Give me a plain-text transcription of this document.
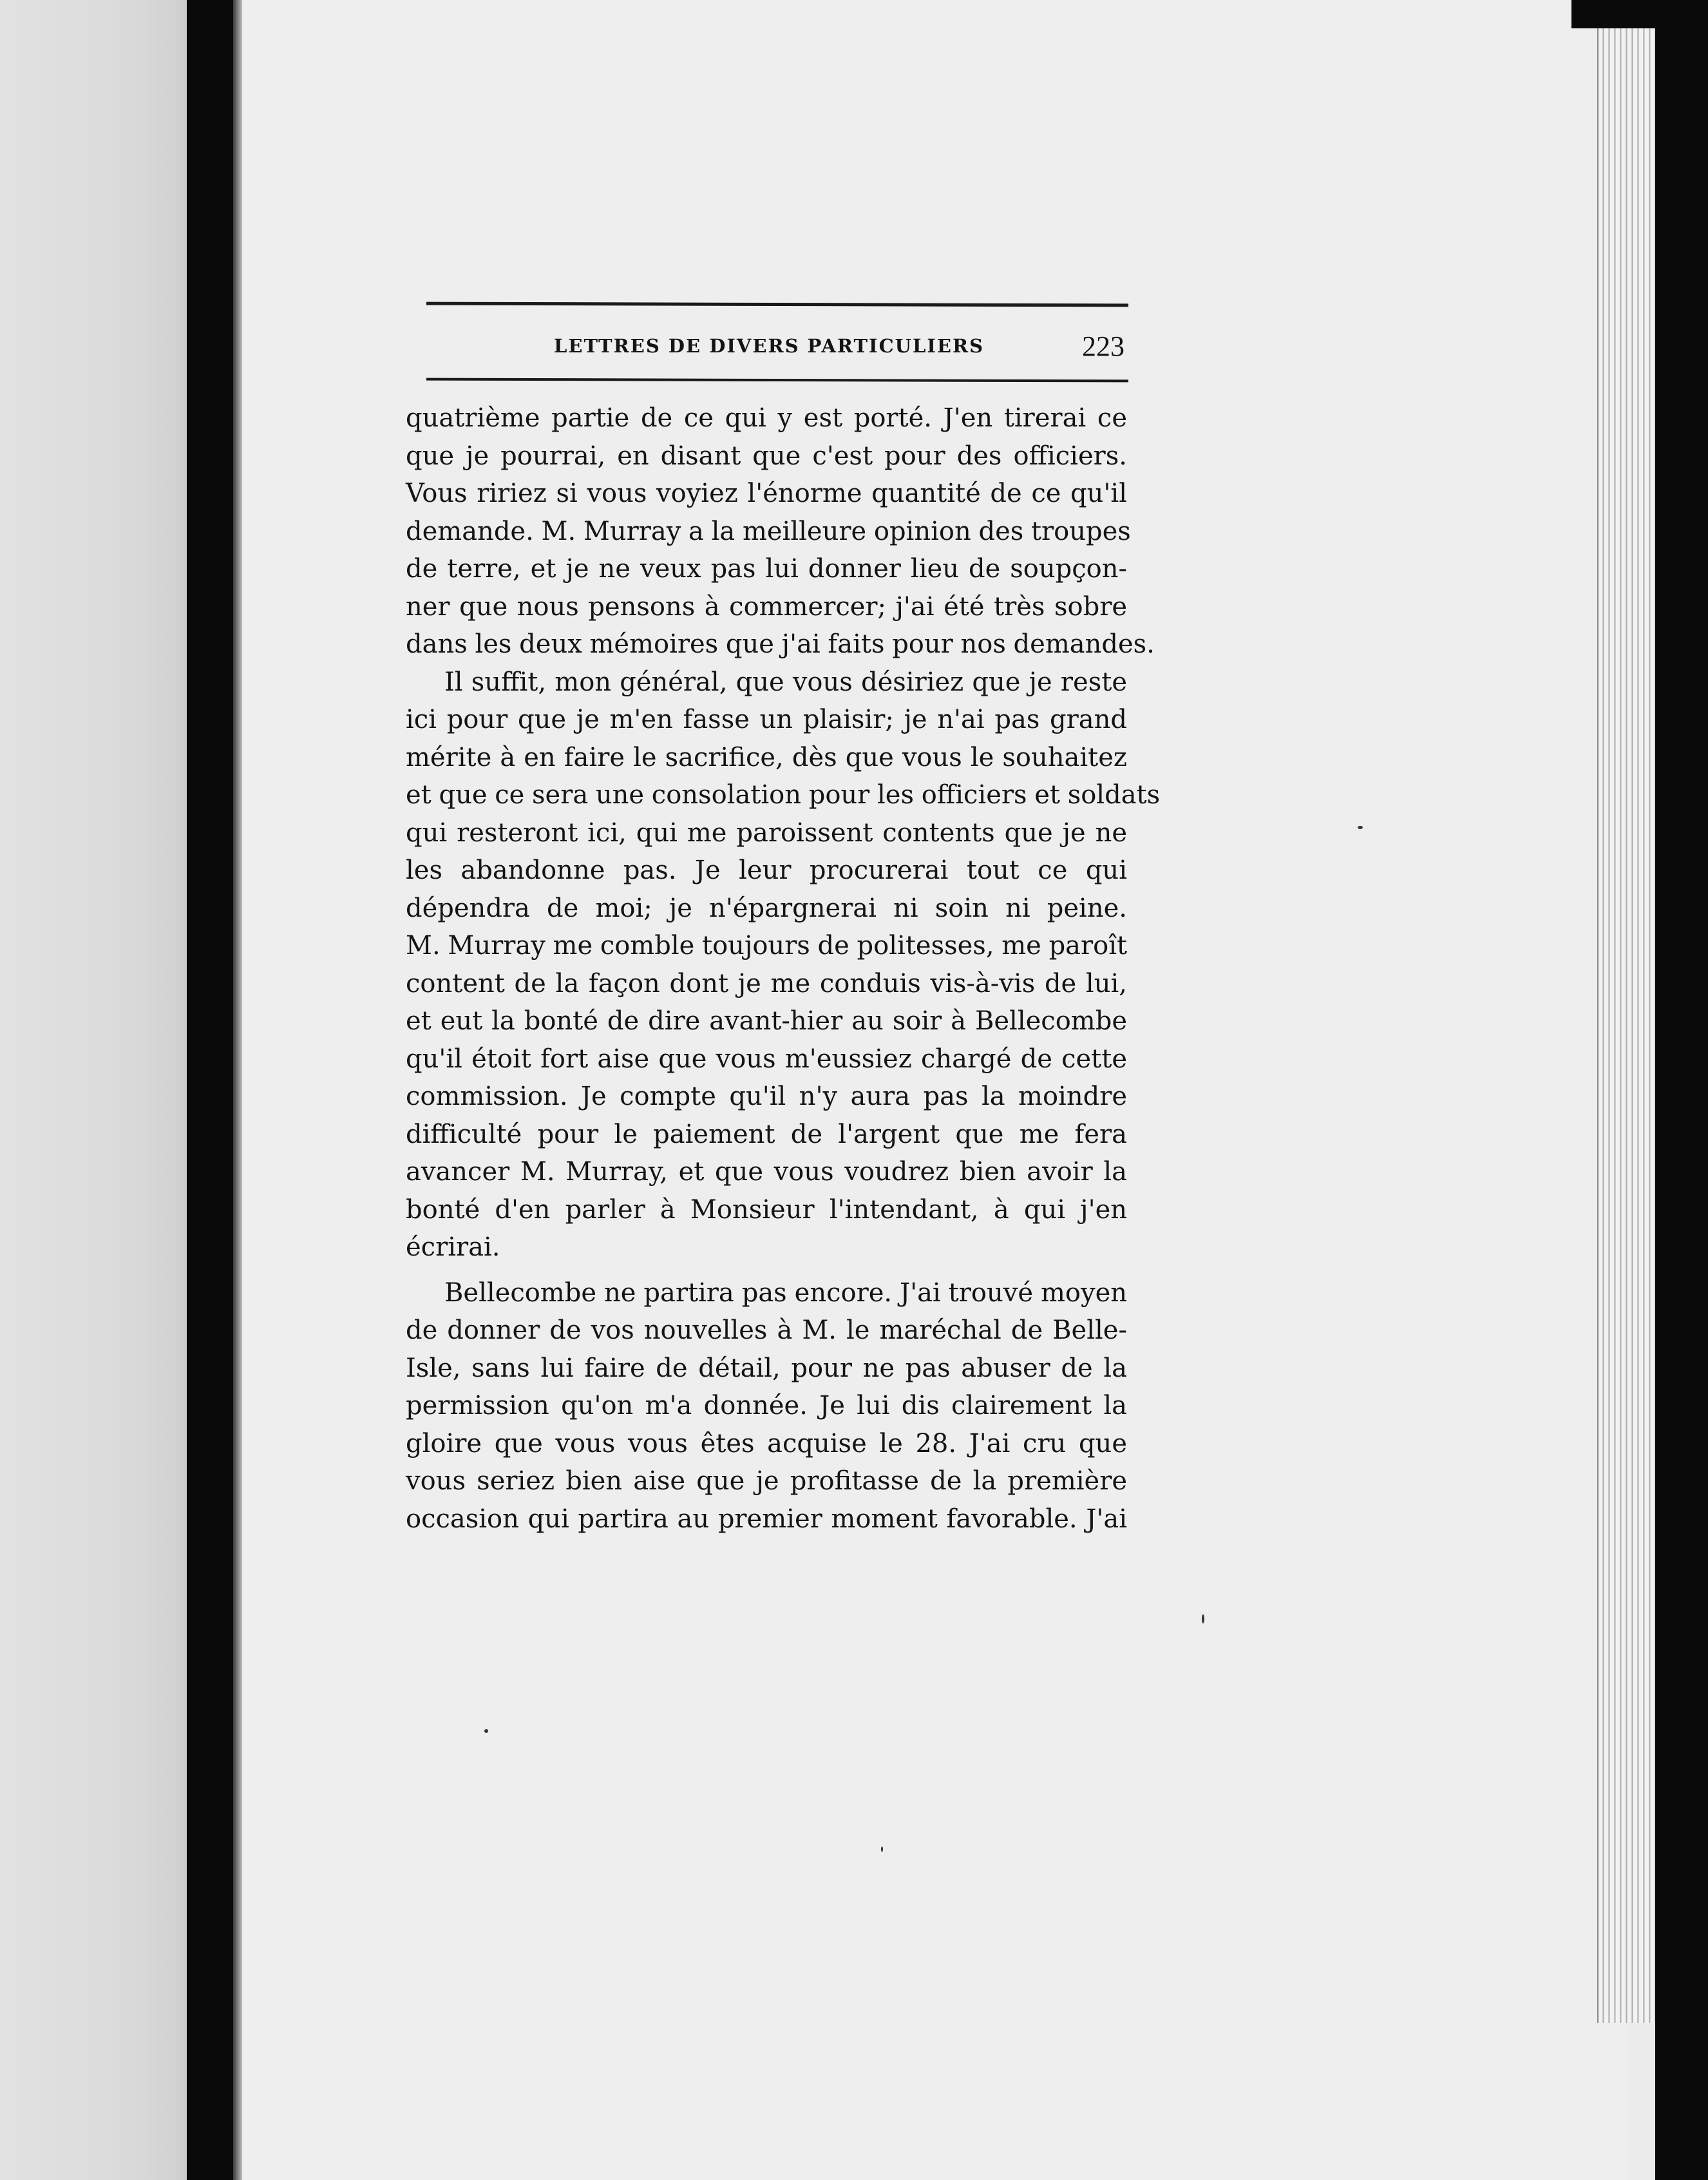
LETTRES DE DIVERS PARTICULIERS	223
quatrième partie de ce qui y est porté. J'en tirerai ce
que je pourrai, en disant que c'est pour des officiers.
Vous ririez si vous voyiez l'énorme quantité de ce qu'il
demande. M. Murray a la meilleure opinion des troupes
de terre, et je ne veux pas lui donner lieu de soupçon-
ner que nous pensons à commercer; j'ai été très sobre
dans les deux mémoires que j'ai faits pour nos demandes.
Il suffit, mon général, que vous désiriez que je reste
ici pour que je m'en fasse un plaisir; je n'ai pas grand
mérite à en faire le sacrifice, dès que vous le souhaitez
et que ce sera une consolation pour les officiers et soldats
qui resteront ici, qui me paroissent contents que je ne
les abandonne pas. Je leur procurerai tout ce qui
dépendra de moi; je n'épargnerai ni soin ni peine.
M. Murray me comble toujours de politesses, me paroît
content de la façon dont je me conduis vis-à-vis de lui,
et eut la bonté de dire avant-hier au soir à Bellecombe
qu'il étoit fort aise que vous m'eussiez chargé de cette
commission. Je compte qu'il n'y aura pas la moindre
difficulté pour le paiement de l'argent que me fera
avancer M. Murray, et que vous voudrez bien avoir la
bonté d'en parler à Monsieur l'intendant, à qui j'en
écrirai.
Bellecombe ne partira pas encore. J'ai trouvé moyen
de donner de vos nouvelles à M. le maréchal de Belle-
Isle, sans lui faire de détail, pour ne pas abuser de la
permission qu'on m'a donnée. Je lui dis clairement la
gloire que vous vous êtes acquise le 28. J'ai cru que
vous seriez bien aise que je profitasse de la première
occasion qui partira au premier moment favorable. J'ai
